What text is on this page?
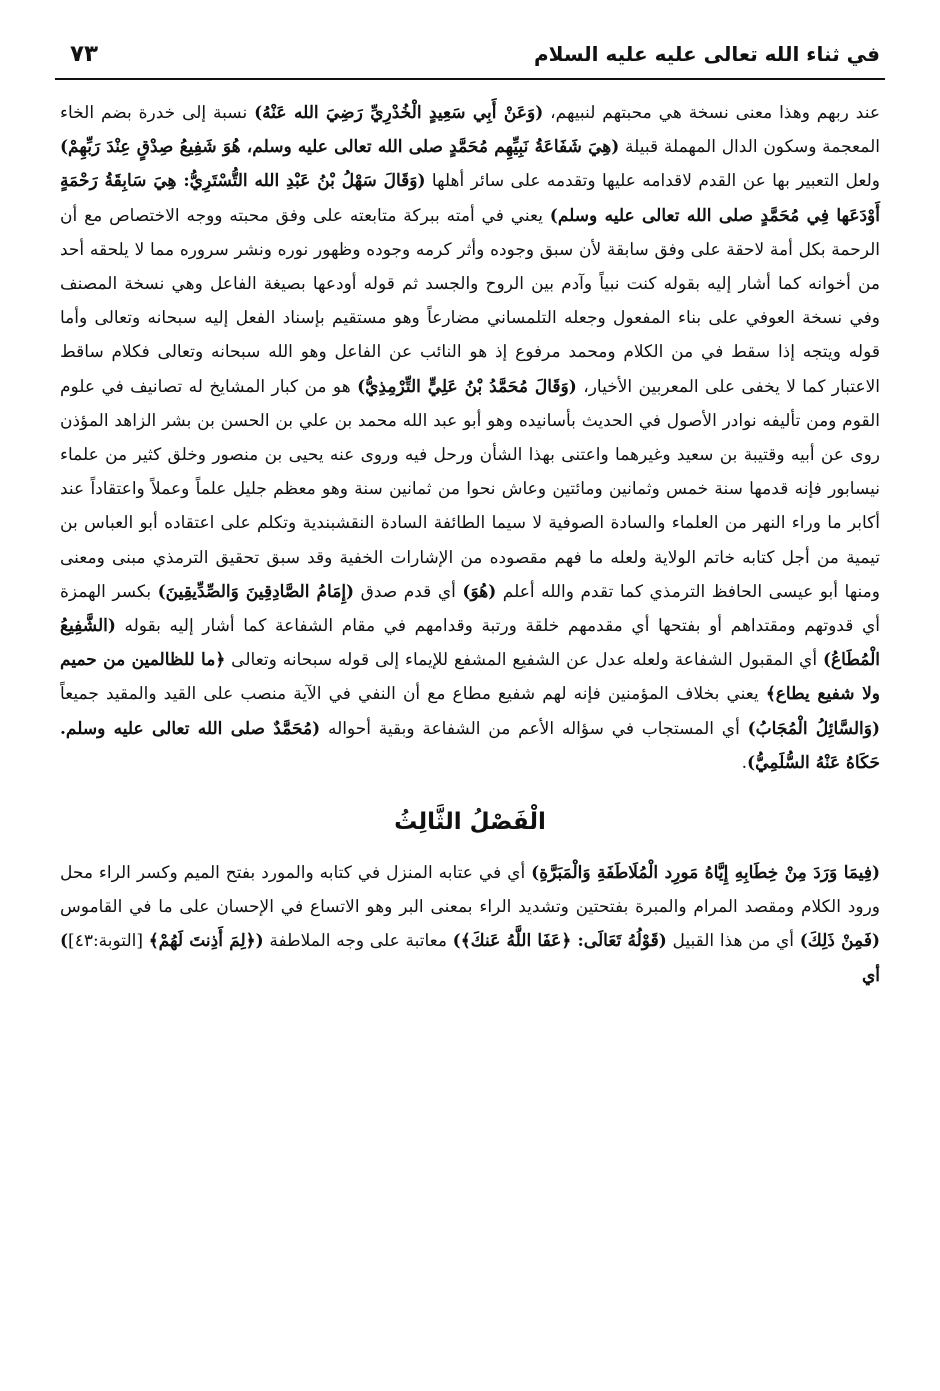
في ثناء الله تعالى عليه عليه السلام
٧٣

عند ربهم وهذا معنى نسخة هي محبتهم لنبيهم، (وَعَنْ أَبِي سَعِيدٍ الْخُدْرِيِّ رَضِيَ الله عَنْهُ) نسبة إلى خدرة بضم الخاء المعجمة وسكون الدال المهملة قبيلة (هِيَ شَفَاعَةُ نَبِيِّهِم مُحَمَّدٍ صلى الله تعالى عليه وسلم، هُوَ شَفِيعُ صِدْقٍ عِنْدَ رَبِّهِمْ) ولعل التعبير بها عن القدم لاقدامه عليها وتقدمه على سائر أهلها (وَقَالَ سَهْلُ بْنُ عَبْدِ الله التُّسْتَرِيُّ: هِيَ سَابِقَةُ رَحْمَةٍ أَوْدَعَها فِي مُحَمَّدٍ صلى الله تعالى عليه وسلم) يعني في أمته ببركة متابعته على وفق محبته ووجه الاختصاص مع أن الرحمة بكل أمة لاحقة على وفق سابقة لأن سبق وجوده وأثر كرمه وجوده وظهور نوره ونشر سروره مما لا يلحقه أحد من أخوانه كما أشار إليه بقوله كنت نبياً وآدم بين الروح والجسد ثم قوله أودعها بصيغة الفاعل وهي نسخة المصنف وفي نسخة العوفي على بناء المفعول وجعله التلمساني مضارعاً وهو مستقيم بإسناد الفعل إليه سبحانه وتعالى وأما قوله ويتجه إذا سقط في من الكلام ومحمد مرفوع إذ هو النائب عن الفاعل وهو الله سبحانه وتعالى فكلام ساقط الاعتبار كما لا يخفى على المعربين الأخيار، (وَقَالَ مُحَمَّدُ بْنُ عَلِيٍّ التِّرْمِذِيُّ) هو من كبار المشايخ له تصانيف في علوم القوم ومن تأليفه نوادر الأصول في الحديث بأسانيده وهو أبو عبد الله محمد بن علي بن الحسن بن بشر الزاهد المؤذن روى عن أبيه وقتيبة بن سعيد وغيرهما واعتنى بهذا الشأن ورحل فيه وروى عنه يحيى بن منصور وخلق كثير من علماء نيسابور فإنه قدمها سنة خمس وثمانين ومائتين وعاش نحوا من ثمانين سنة وهو معظم جليل علماً وعملاً واعتقاداً عند أكابر ما وراء النهر من العلماء والسادة الصوفية لا سيما الطائفة السادة النقشبندية وتكلم على اعتقاده أبو العباس بن تيمية من أجل كتابه خاتم الولاية ولعله ما فهم مقصوده من الإشارات الخفية وقد سبق تحقيق الترمذي مبنى ومعنى ومنها أبو عيسى الحافظ الترمذي كما تقدم والله أعلم (هُوَ) أي قدم صدق (إِمَامُ الصَّادِقِينَ وَالصِّدِّيقِينَ) بكسر الهمزة أي قدوتهم ومقتداهم أو بفتحها أي مقدمهم خلقة ورتبة وقدامهم في مقام الشفاعة كما أشار إليه بقوله (الشَّفِيعُ الْمُطَاعُ) أي المقبول الشفاعة ولعله عدل عن الشفيع المشفع للإيماء إلى قوله سبحانه وتعالى ﴿ما للظالمين من حميم ولا شفيع يطاع﴾ يعني بخلاف المؤمنين فإنه لهم شفيع مطاع مع أن النفي في الآية منصب على القيد والمقيد جميعاً (وَالسَّائِلُ الْمُجَابُ) أي المستجاب في سؤاله الأعم من الشفاعة وبقية أحواله (مُحَمَّدٌ صلى الله تعالى عليه وسلم. حَكَاهُ عَنْهُ السُّلَمِيُّ).

الْفَصْلُ الثَّالِثُ

(فِيمَا وَرَدَ مِنْ خِطَابِهِ إِيَّاهُ مَورِد الْمُلَاطَفَةِ وَالْمَبَرَّةِ) أي في عتابه المنزل في كتابه والمورد بفتح الميم وكسر الراء محل ورود الكلام ومقصد المرام والمبرة بفتحتين وتشديد الراء بمعنى البر وهو الاتساع في الإحسان على ما في القاموس (فَمِنْ ذَلِكَ) أي من هذا القبيل (قَوْلُهُ تَعَالَى: ﴿عَفَا اللَّهُ عَنكَ﴾) معاتبة على وجه الملاطفة (﴿لِمَ أَذِنتَ لَهُمْ﴾ [التوبة:٤٣]) أي
